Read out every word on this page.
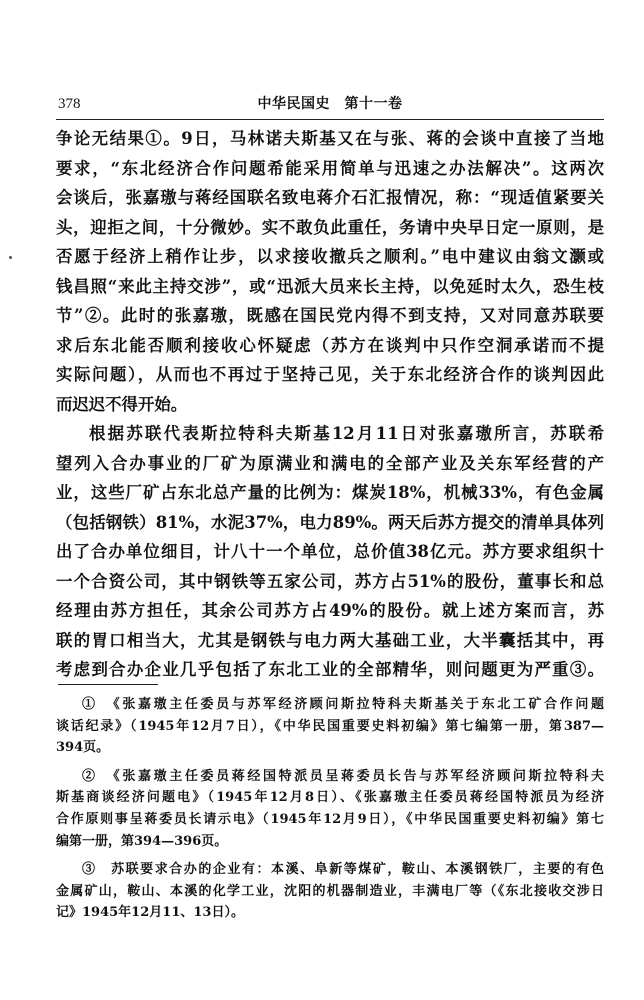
378	中华民国史　第十一卷
争论无结果①。9日，马林诺夫斯基又在与张、蒋的会谈中直接了当地
要求，“东北经济合作问题希能采用简单与迅速之办法解决”。这两次
会谈后，张嘉璈与蒋经国联名致电蒋介石汇报情况，称：“现适值紧要关
头，迎拒之间，十分微妙。实不敢负此重任，务请中央早日定一原则，是
否愿于经济上稍作让步，以求接收撤兵之顺利。”电中建议由翁文灏或
钱昌照“来此主持交涉”，或“迅派大员来长主持，以免延时太久，恐生枝
节”②。此时的张嘉璈，既感在国民党内得不到支持，又对同意苏联要
求后东北能否顺利接收心怀疑虑（苏方在谈判中只作空洞承诺而不提
实际问题），从而也不再过于坚持己见，关于东北经济合作的谈判因此
而迟迟不得开始。
根据苏联代表斯拉特科夫斯基12月11日对张嘉璈所言，苏联希
望列入合办事业的厂矿为原满业和满电的全部产业及关东军经营的产
业，这些厂矿占东北总产量的比例为：煤炭18%，机械33%，有色金属
（包括钢铁）81%，水泥37%，电力89%。两天后苏方提交的清单具体列
出了合办单位细目，计八十一个单位，总价值38亿元。苏方要求组织十
一个合资公司，其中钢铁等五家公司，苏方占51%的股份，董事长和总
经理由苏方担任，其余公司苏方占49%的股份。就上述方案而言，苏
联的胃口相当大，尤其是钢铁与电力两大基础工业，大半囊括其中，再
考虑到合办企业几乎包括了东北工业的全部精华，则问题更为严重③。
①　《张嘉璈主任委员与苏军经济顾问斯拉特科夫斯基关于东北工矿合作问题
谈话纪录》（1945年12月7日），《中华民国重要史料初编》第七编第一册，第387—
394页。
②　《张嘉璈主任委员蒋经国特派员呈蒋委员长告与苏军经济顾问斯拉特科夫
斯基商谈经济问题电》（1945年12月8日）、《张嘉璈主任委员蒋经国特派员为经济
合作原则事呈蒋委员长请示电》（1945年12月9日），《中华民国重要史料初编》第七
编第一册，第394—396页。
③　苏联要求合办的企业有：本溪、阜新等煤矿，鞍山、本溪钢铁厂，主要的有色
金属矿山，鞍山、本溪的化学工业，沈阳的机器制造业，丰满电厂等（《东北接收交涉日
记》1945年12月11、13日）。
